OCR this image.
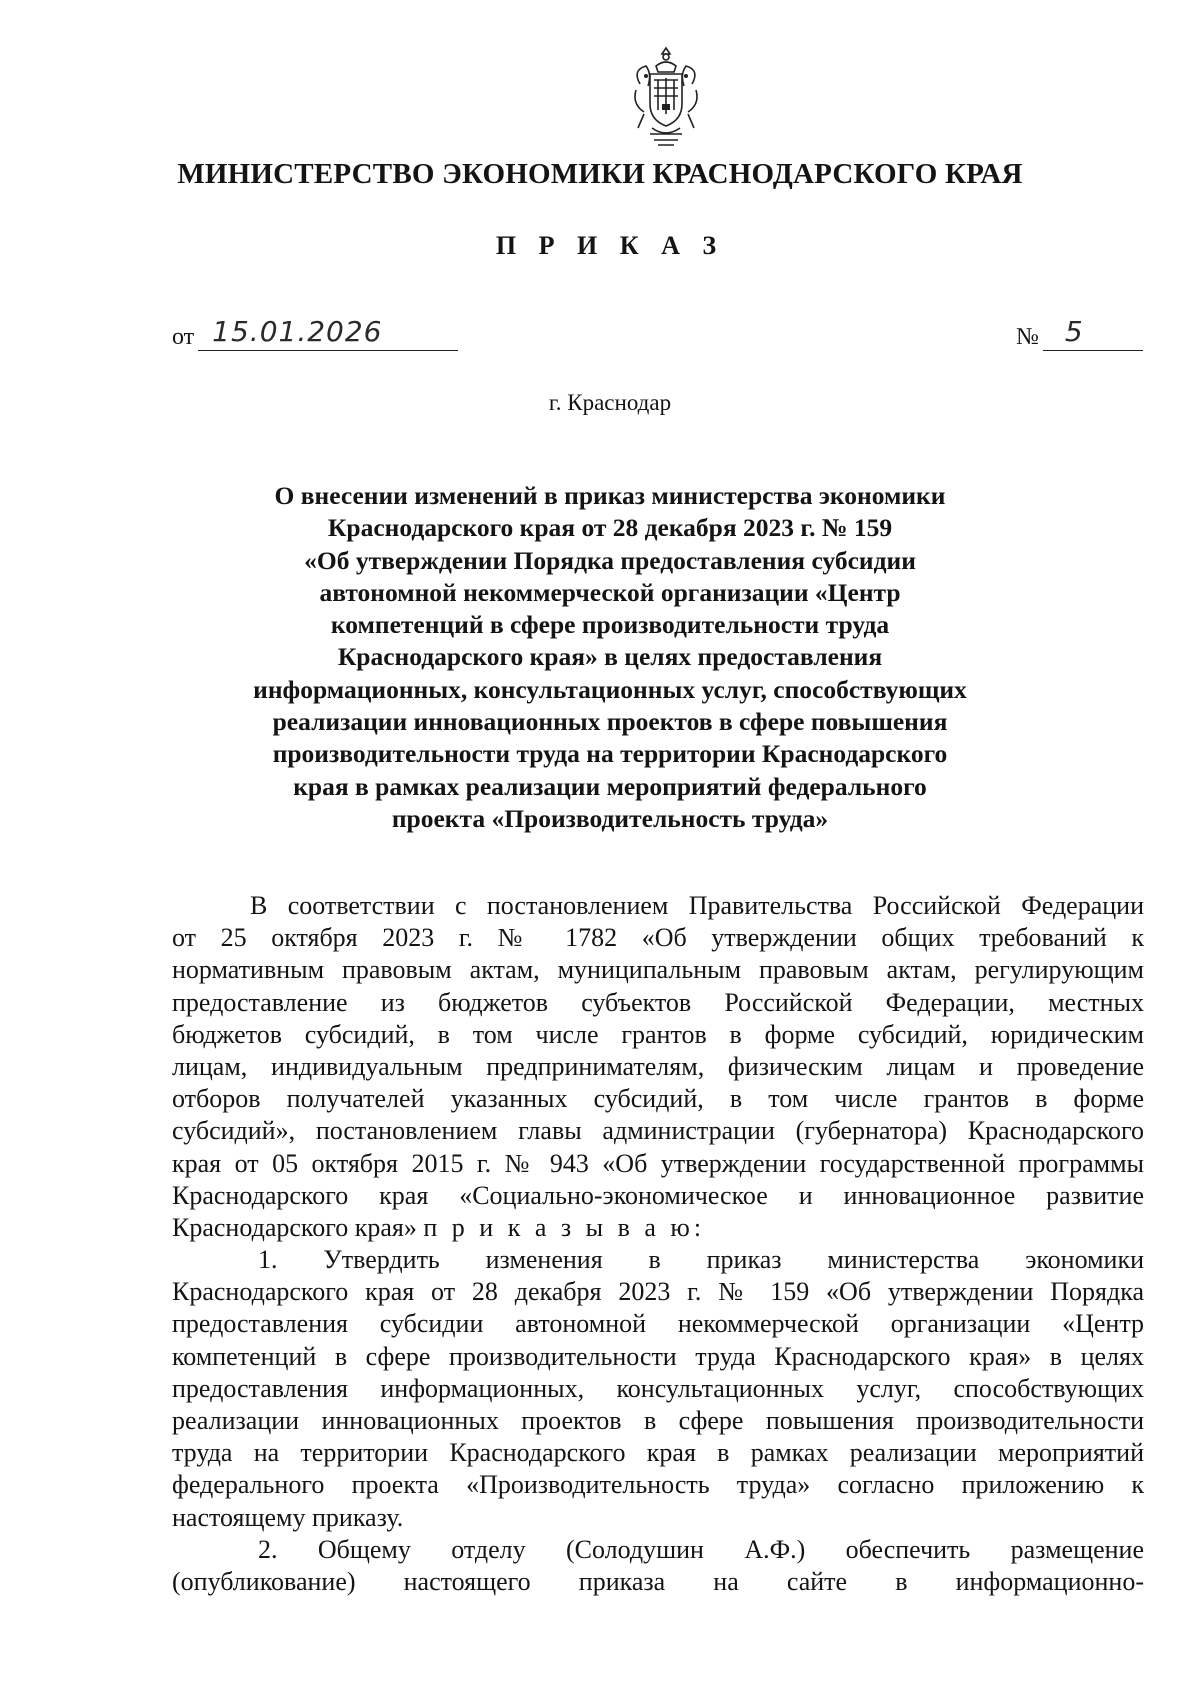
МИНИСТЕРСТВО ЭКОНОМИКИ КРАСНОДАРСКОГО КРАЯ
П Р И К А З
от 15.01.2026	№ 5
г. Краснодар
О внесении изменений в приказ министерства экономики
Краснодарского края от 28 декабря 2023 г. № 159
«Об утверждении Порядка предоставления субсидии
автономной некоммерческой организации «Центр
компетенций в сфере производительности труда
Краснодарского края» в целях предоставления
информационных, консультационных услуг, способствующих
реализации инновационных проектов в сфере повышения
производительности труда на территории Краснодарского
края в рамках реализации мероприятий федерального
проекта «Производительность труда»
В соответствии с постановлением Правительства Российской Федерации
от 25 октября 2023 г. № 1782 «Об утверждении общих требований к
нормативным правовым актам, муниципальным правовым актам, регулирующим
предоставление из бюджетов субъектов Российской Федерации, местных
бюджетов субсидий, в том числе грантов в форме субсидий, юридическим
лицам, индивидуальным предпринимателям, физическим лицам и проведение
отборов получателей указанных субсидий, в том числе грантов в форме
субсидий», постановлением главы администрации (губернатора) Краснодарского
края от 05 октября 2015 г. № 943 «Об утверждении государственной программы
Краснодарского края «Социально-экономическое и инновационное развитие
Краснодарского края» п р и к а з ы в а ю:
1. Утвердить изменения в приказ министерства экономики
Краснодарского края от 28 декабря 2023 г. № 159 «Об утверждении Порядка
предоставления субсидии автономной некоммерческой организации «Центр
компетенций в сфере производительности труда Краснодарского края» в целях
предоставления информационных, консультационных услуг, способствующих
реализации инновационных проектов в сфере повышения производительности
труда на территории Краснодарского края в рамках реализации мероприятий
федерального проекта «Производительность труда» согласно приложению к
настоящему приказу.
2. Общему отделу (Солодушин А.Ф.) обеспечить размещение
(опубликование) настоящего приказа на сайте в информационно-
